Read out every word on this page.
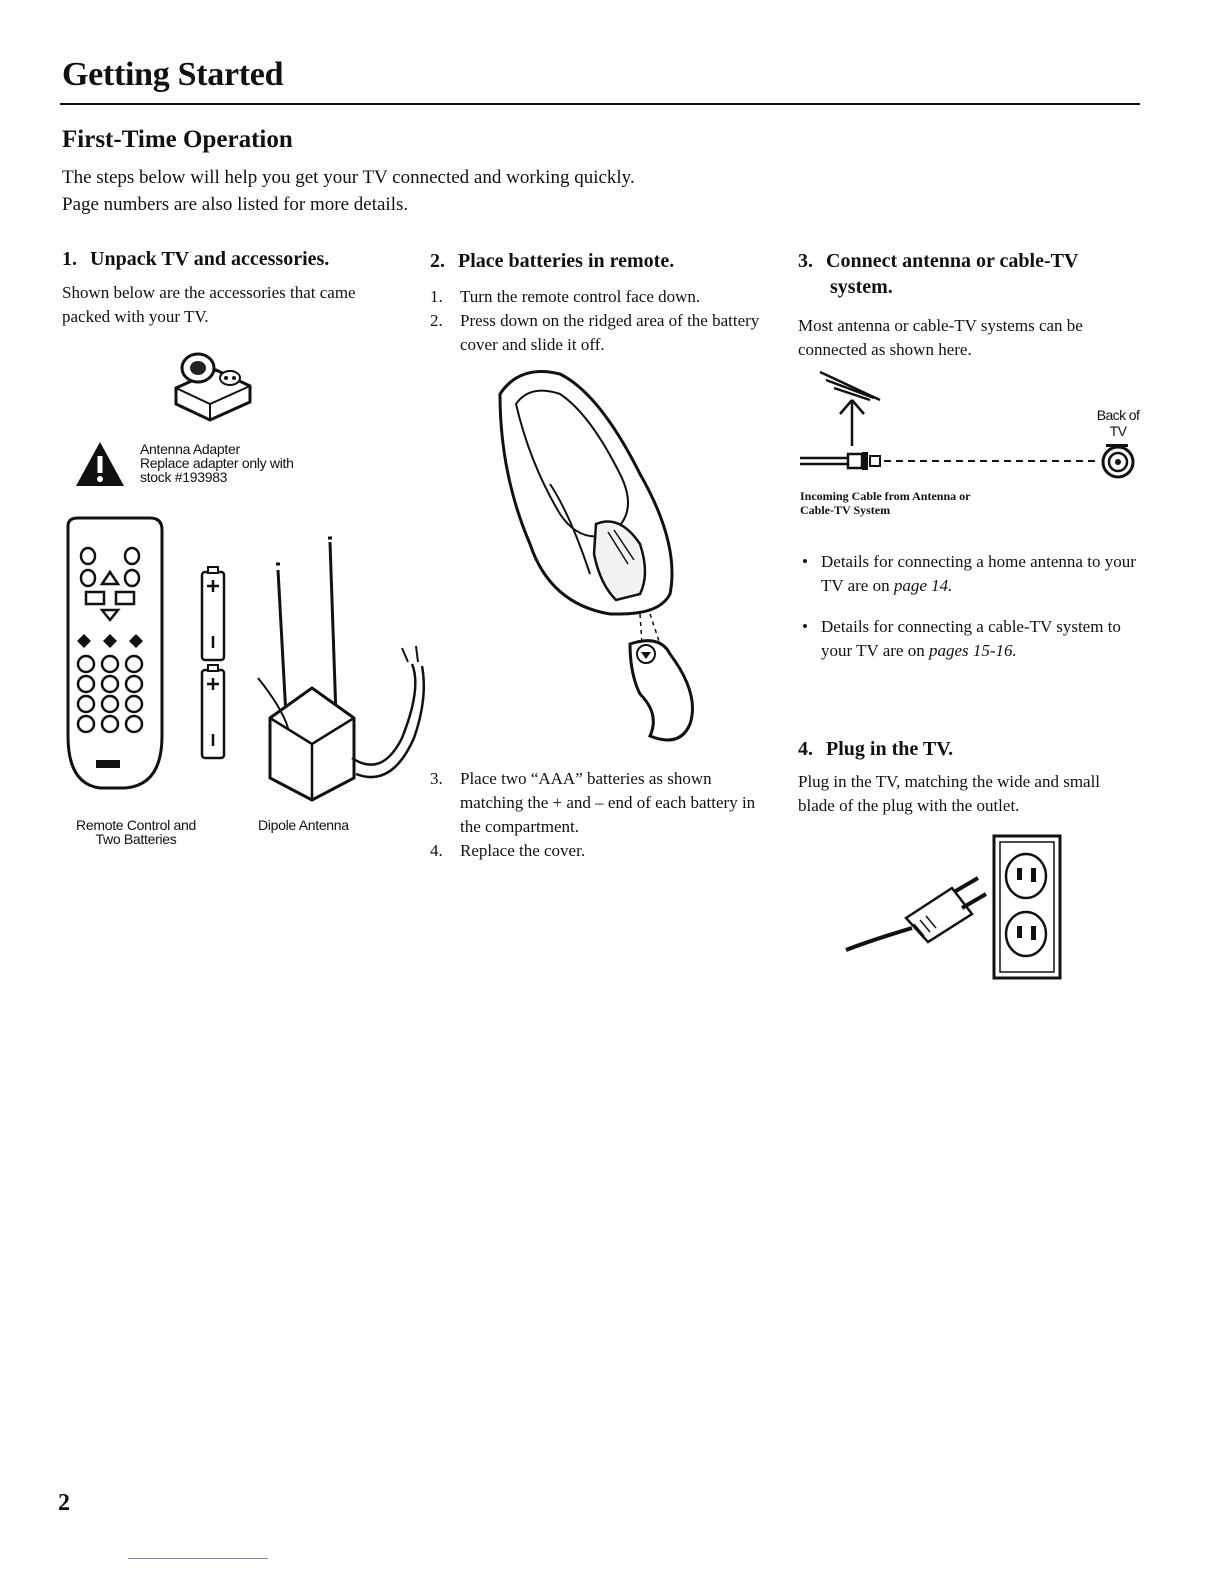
Getting Started
First-Time Operation
The steps below will help you get your TV connected and working quickly.
Page numbers are also listed for more details.
1. Unpack TV and accessories.
Shown below are the accessories that came packed with your TV.
Antenna Adapter
Replace adapter only with
stock #193983
Remote Control and
Two Batteries
Dipole Antenna
2. Place batteries in remote.
1. Turn the remote control face down.
2. Press down on the ridged area of the battery cover and slide it off.
3. Place two “AAA” batteries as shown matching the + and – end of each battery in the compartment.
4. Replace the cover.
3. Connect antenna or cable-TV
system.
Most antenna or cable-TV systems can be connected as shown here.
Back of
TV
Incoming Cable from Antenna or
Cable-TV System
• Details for connecting a home antenna to your TV are on page 14.
• Details for connecting a cable-TV system to your TV are on pages 15-16.
4. Plug in the TV.
Plug in the TV, matching the wide and small blade of the plug with the outlet.
2
